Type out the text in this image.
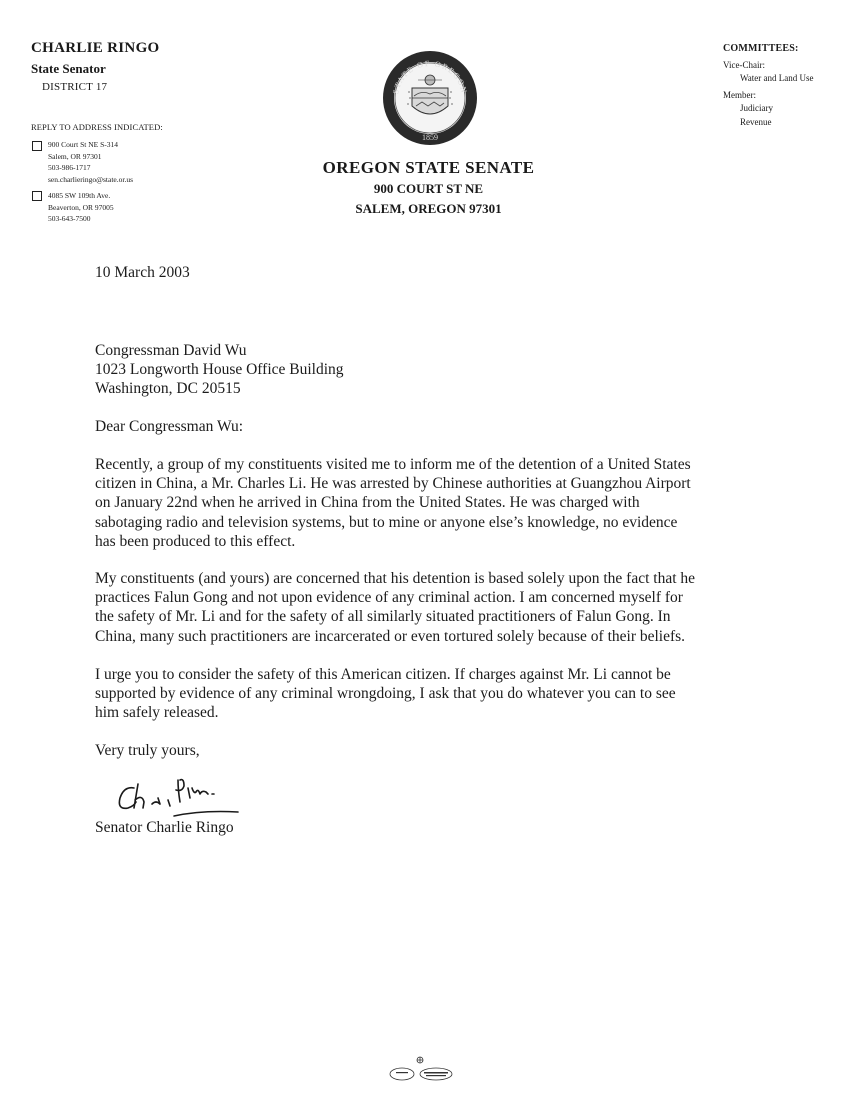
CHARLIE RINGO
State Senator
DISTRICT 17
REPLY TO ADDRESS INDICATED:
900 Court St NE S-314
Salem, OR 97301
503-986-1717
sen.charlieringo@state.or.us
4085 SW 109th Ave.
Beaverton, OR 97005
503-643-7500
STATE OF OREGON
1859
OREGON STATE SENATE
900 COURT ST NE
SALEM, OREGON 97301
COMMITTEES:
Vice-Chair:
Water and Land Use
Member:
Judiciary
Revenue
10 March 2003
Congressman David Wu
1023 Longworth House Office Building
Washington, DC 20515
Dear Congressman Wu:
Recently, a group of my constituents visited me to inform me of the detention of a United States
citizen in China, a Mr. Charles Li. He was arrested by Chinese authorities at Guangzhou Airport
on January 22nd when he arrived in China from the United States. He was charged with
sabotaging radio and television systems, but to mine or anyone else’s knowledge, no evidence
has been produced to this effect.
My constituents (and yours) are concerned that his detention is based solely upon the fact that he
practices Falun Gong and not upon evidence of any criminal action. I am concerned myself for
the safety of Mr. Li and for the safety of all similarly situated practitioners of Falun Gong. In
China, many such practitioners are incarcerated or even tortured solely because of their beliefs.
I urge you to consider the safety of this American citizen. If charges against Mr. Li cannot be
supported by evidence of any criminal wrongdoing, I ask that you do whatever you can to see
him safely released.
Very truly yours,
Senator Charlie Ringo
